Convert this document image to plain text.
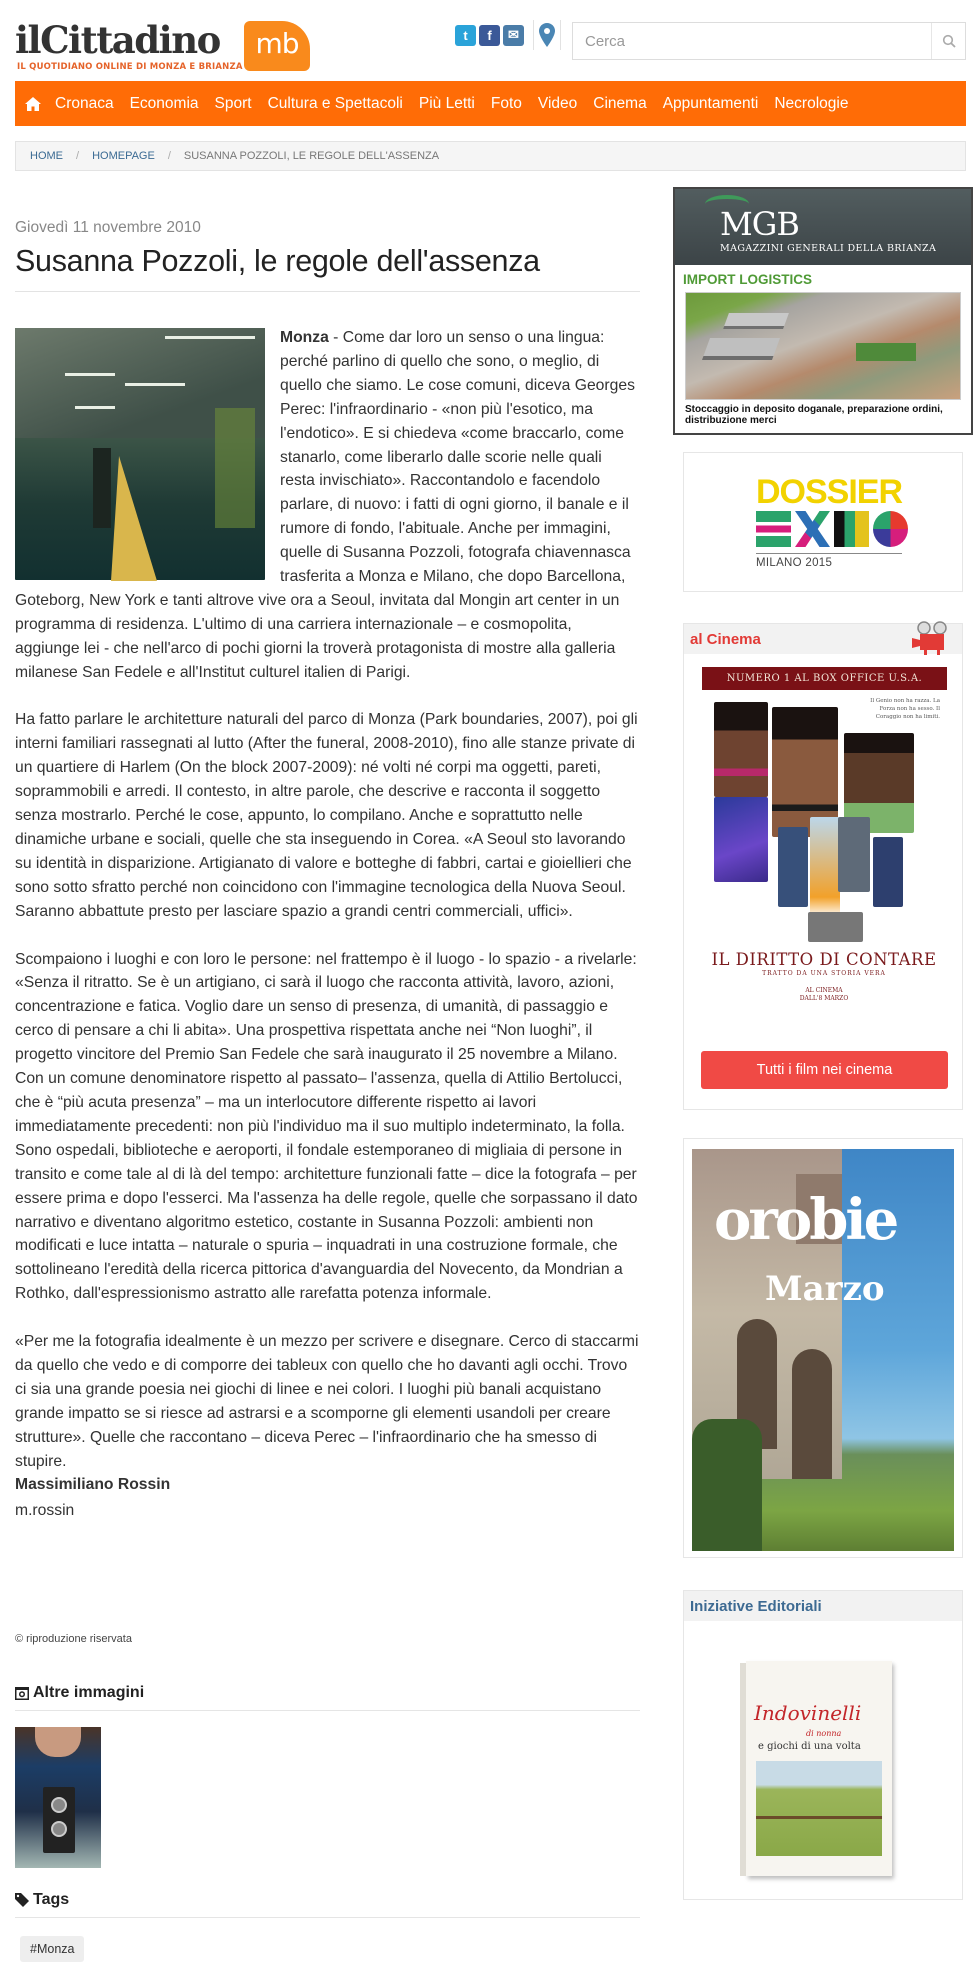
ilCittadino	mb
IL QUOTIDIANO ONLINE DI MONZA E BRIANZA
t	f	✉
Cerca
Cronaca Economia Sport Cultura e Spettacoli Più Letti Foto Video Cinema Appuntamenti Necrologie
HOME / HOMEPAGE / SUSANNA POZZOLI, LE REGOLE DELL'ASSENZA
Giovedì 11 novembre 2010
Susanna Pozzoli, le regole dell'assenza

Monza - Come dar loro un senso o una lingua: perché parlino di quello che sono, o meglio, di quello che siamo. Le cose comuni, diceva Georges Perec: l'infraordinario - «non più l'esotico, ma l'endotico». E si chiedeva «come braccarlo, come stanarlo, come liberarlo dalle scorie nelle quali resta invischiato». Raccontandolo e facendolo parlare, di nuovo: i fatti di ogni giorno, il banale e il rumore di fondo, l'abituale. Anche per immagini, quelle di Susanna Pozzoli, fotografa chiavennasca trasferita a Monza e Milano, che dopo Barcellona, Goteborg, New York e tanti altrove vive ora a Seoul, invitata dal Mongin art center in un programma di residenza. L'ultimo di una carriera internazionale – e cosmopolita, aggiunge lei - che nell'arco di pochi giorni la troverà protagonista di mostre alla galleria milanese San Fedele e all'Institut culturel italien di Parigi.

Ha fatto parlare le architetture naturali del parco di Monza (Park boundaries, 2007), poi gli interni familiari rassegnati al lutto (After the funeral, 2008-2010), fino alle stanze private di un quartiere di Harlem (On the block 2007-2009): né volti né corpi ma oggetti, pareti, soprammobili e arredi. Il contesto, in altre parole, che descrive e racconta il soggetto senza mostrarlo. Perché le cose, appunto, lo compilano. Anche e soprattutto nelle dinamiche urbane e sociali, quelle che sta inseguendo in Corea. «A Seoul sto lavorando su identità in disparizione. Artigianato di valore e botteghe di fabbri, cartai e gioiellieri che sono sotto sfratto perché non coincidono con l'immagine tecnologica della Nuova Seoul. Saranno abbattute presto per lasciare spazio a grandi centri commerciali, uffici».

Scompaiono i luoghi e con loro le persone: nel frattempo è il luogo - lo spazio - a rivelarle: «Senza il ritratto. Se è un artigiano, ci sarà il luogo che racconta attività, lavoro, azioni, concentrazione e fatica. Voglio dare un senso di presenza, di umanità, di passaggio e cerco di pensare a chi li abita». Una prospettiva rispettata anche nei “Non luoghi”, il progetto vincitore del Premio San Fedele che sarà inaugurato il 25 novembre a Milano. Con un comune denominatore rispetto al passato– l'assenza, quella di Attilio Bertolucci, che è “più acuta presenza” – ma un interlocutore differente rispetto ai lavori immediatamente precedenti: non più l'individuo ma il suo multiplo indeterminato, la folla. Sono ospedali, biblioteche e aeroporti, il fondale estemporaneo di migliaia di persone in transito e come tale al di là del tempo: architetture funzionali fatte – dice la fotografa – per essere prima e dopo l'esserci. Ma l'assenza ha delle regole, quelle che sorpassano il dato narrativo e diventano algoritmo estetico, costante in Susanna Pozzoli: ambienti non modificati e luce intatta – naturale o spuria – inquadrati in una costruzione formale, che sottolineano l'eredità della ricerca pittorica d'avanguardia del Novecento, da Mondrian a Rothko, dall'espressionismo astratto alle rarefatta potenza informale.

«Per me la fotografia idealmente è un mezzo per scrivere e disegnare. Cerco di staccarmi da quello che vedo e di comporre dei tableux con quello che ho davanti agli occhi. Trovo ci sia una grande poesia nei giochi di linee e nei colori. I luoghi più banali acquistano grande impatto se si riesce ad astrarsi e a scomporne gli elementi usandoli per creare strutture». Quelle che raccontano – diceva Perec – l'infraordinario che ha smesso di stupire.

Massimiliano Rossin
m.rossin
© riproduzione riservata
Altre immagini
Tags
#Monza
MGB
MAGAZZINI GENERALI DELLA BRIANZA
IMPORT LOGISTICS
Stoccaggio in deposito doganale, preparazione ordini, distribuzione merci
DOSSIER
MILANO 2015
al Cinema
NUMERO 1 AL BOX OFFICE U.S.A.
Il Genio non ha razza. La Forza non ha sesso. Il Coraggio non ha limiti.
IL DIRITTO DI CONTARE
TRATTO DA UNA STORIA VERA
AL CINEMA DALL'8 MARZO
Tutti i film nei cinema
orobie
Marzo
Iniziative Editoriali
Indovinelli
di nonna
e giochi di una volta
